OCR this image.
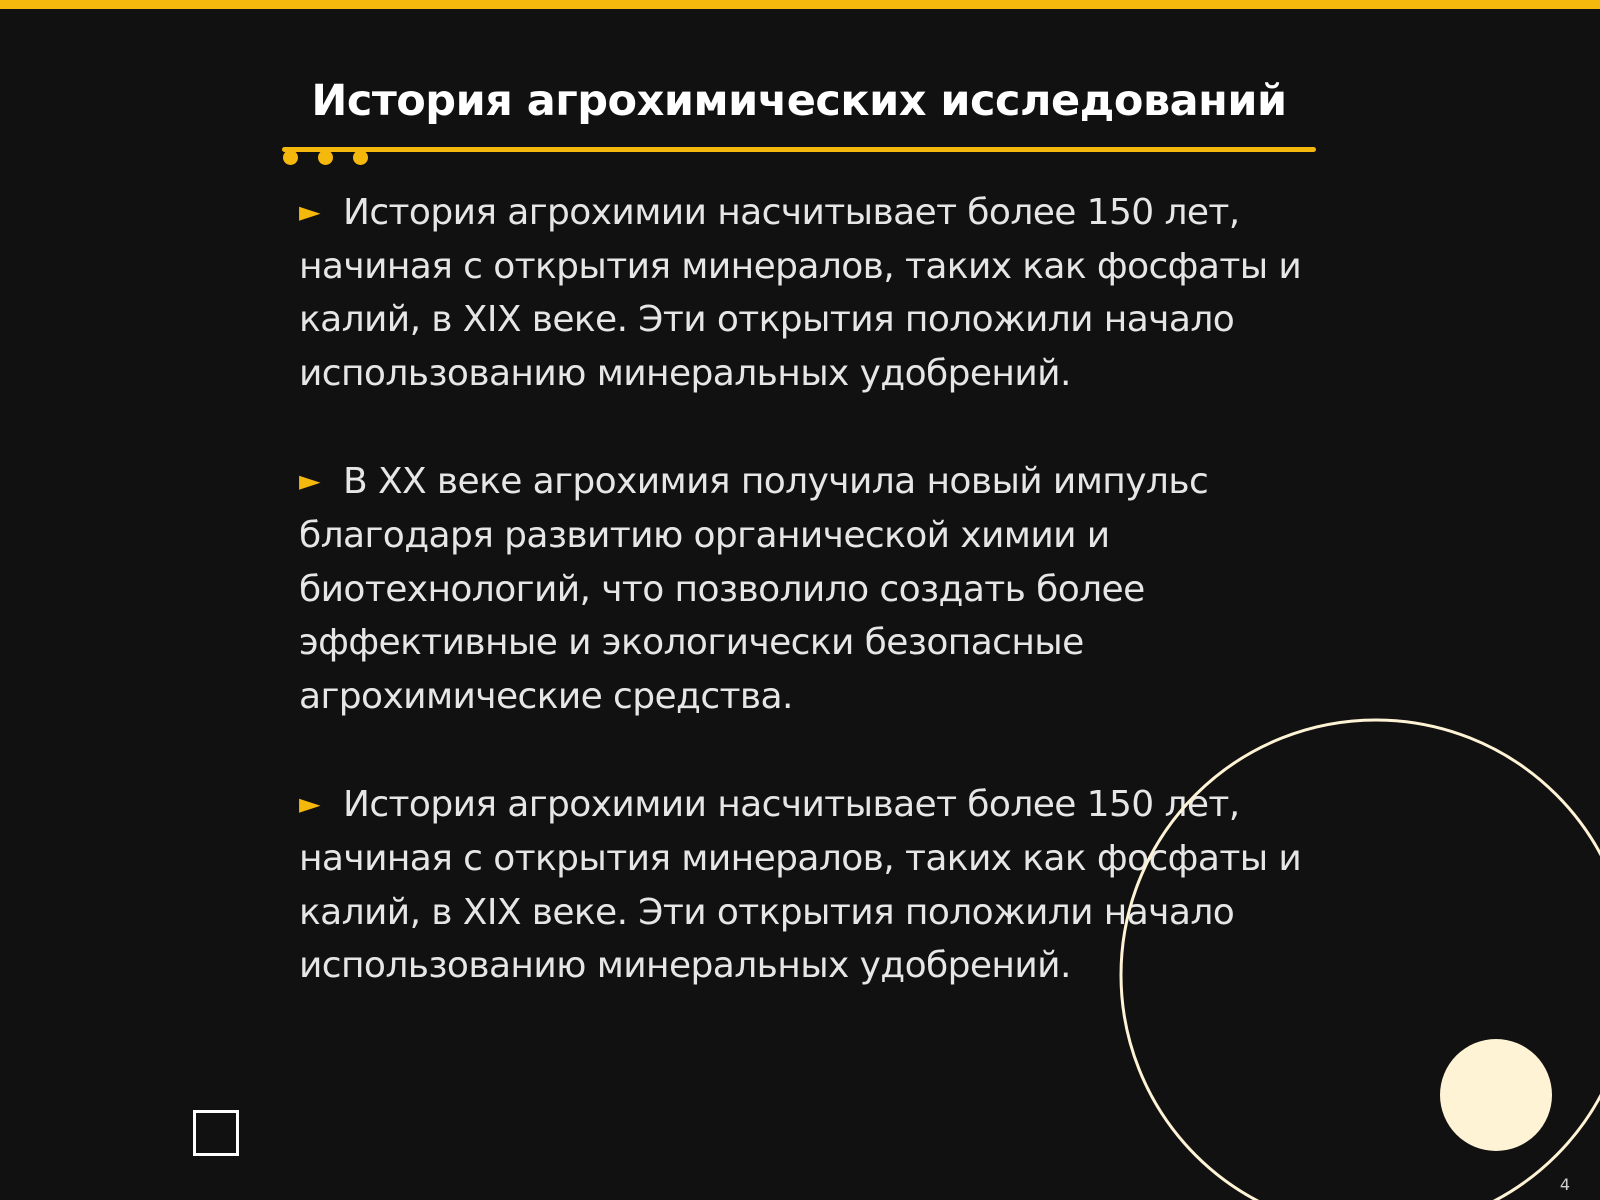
История агрохимических исследований

► История агрохимии насчитывает более 150 лет, начиная с открытия минералов, таких как фосфаты и калий, в XIX веке. Эти открытия положили начало использованию минеральных удобрений.

► В XX веке агрохимия получила новый импульс благодаря развитию органической химии и биотехнологий, что позволило создать более эффективные и экологически безопасные агрохимические средства.

► История агрохимии насчитывает более 150 лет, начиная с открытия минералов, таких как фосфаты и калий, в XIX веке. Эти открытия положили начало использованию минеральных удобрений.

4
